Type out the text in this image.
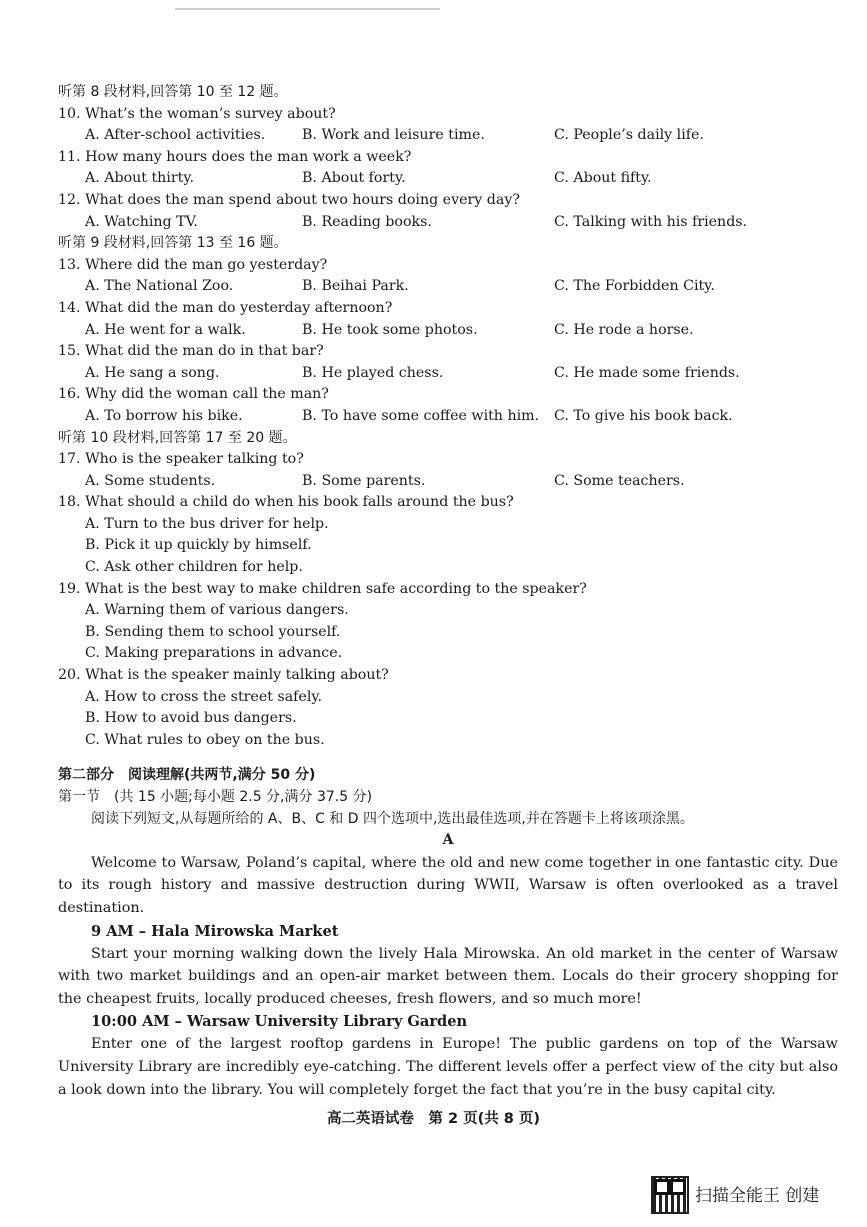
听第 8 段材料,回答第 10 至 12 题。
10. What’s the woman’s survey about?
A. After-school activities.	B. Work and leisure time.	C. People’s daily life.
11. How many hours does the man work a week?
A. About thirty.	B. About forty.	C. About fifty.
12. What does the man spend about two hours doing every day?
A. Watching TV.	B. Reading books.	C. Talking with his friends.
听第 9 段材料,回答第 13 至 16 题。
13. Where did the man go yesterday?
A. The National Zoo.	B. Beihai Park.	C. The Forbidden City.
14. What did the man do yesterday afternoon?
A. He went for a walk.	B. He took some photos.	C. He rode a horse.
15. What did the man do in that bar?
A. He sang a song.	B. He played chess.	C. He made some friends.
16. Why did the woman call the man?
A. To borrow his bike.	B. To have some coffee with him. C. To give his book back.
听第 10 段材料,回答第 17 至 20 题。
17. Who is the speaker talking to?
A. Some students.	B. Some parents.	C. Some teachers.
18. What should a child do when his book falls around the bus?
A. Turn to the bus driver for help.
B. Pick it up quickly by himself.
C. Ask other children for help.
19. What is the best way to make children safe according to the speaker?
A. Warning them of various dangers.
B. Sending them to school yourself.
C. Making preparations in advance.
20. What is the speaker mainly talking about?
A. How to cross the street safely.
B. How to avoid bus dangers.
C. What rules to obey on the bus.
第二部分　阅读理解(共两节,满分 50 分)
第一节　(共 15 小题;每小题 2.5 分,满分 37.5 分)
阅读下列短文,从每题所给的 A、B、C 和 D 四个选项中,选出最佳选项,并在答题卡上将该项涂黑。
A
Welcome to Warsaw, Poland’s capital, where the old and new come together in one fantastic city. Due to its rough history and massive destruction during WWII, Warsaw is often overlooked as a travel destination.
9 AM – Hala Mirowska Market
Start your morning walking down the lively Hala Mirowska. An old market in the center of Warsaw with two market buildings and an open-air market between them. Locals do their grocery shopping for the cheapest fruits, locally produced cheeses, fresh flowers, and so much more!
10:00 AM – Warsaw University Library Garden
Enter one of the largest rooftop gardens in Europe! The public gardens on top of the Warsaw University Library are incredibly eye-catching. The different levels offer a perfect view of the city but also a look down into the library. You will completely forget the fact that you’re in the busy capital city.
高二英语试卷　第 2 页(共 8 页)
扫描全能王 创建
